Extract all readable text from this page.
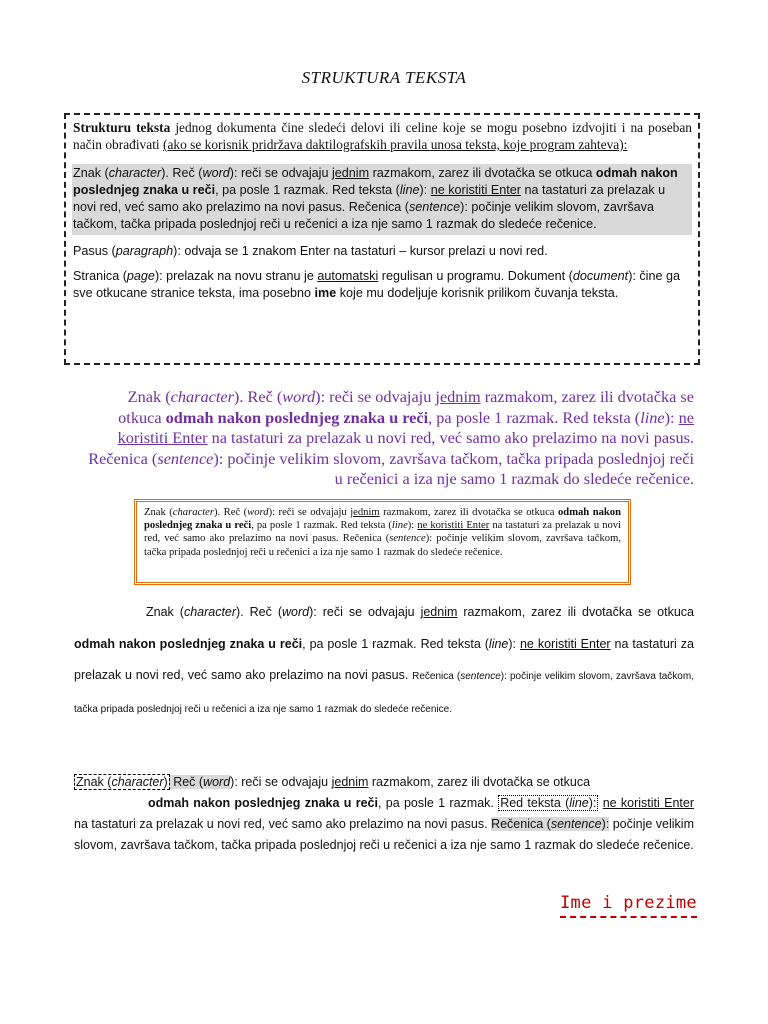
STRUKTURA TEKSTA
Strukturu teksta jednog dokumenta čine sledeći delovi ili celine koje se mogu posebno izdvojiti i na poseban način obrađivati (ako se korisnik pridržava daktilografskih pravila unosa teksta, koje program zahteva):
Znak (character). Reč (word): reči se odvajaju jednim razmakom, zarez ili dvotačka se otkuca odmah nakon poslednjeg znaka u reči, pa posle 1 razmak. Red teksta (line): ne koristiti Enter na tastaturi za prelazak u novi red, već samo ako prelazimo na novi pasus. Rečenica (sentence): počinje velikim slovom, završava tačkom, tačka pripada poslednjoj reči u rečenici a iza nje samo 1 razmak do sledeće rečenice.
Pasus (paragraph): odvaja se 1 znakom Enter na tastaturi – kursor prelazi u novi red.
Stranica (page): prelazak na novu stranu je automatski regulisan u programu. Dokument (document): čine ga sve otkucane stranice teksta, ima posebno ime koje mu dodeljuje korisnik prilikom čuvanja teksta.
Znak (character). Reč (word): reči se odvajaju jednim razmakom, zarez ili dvotačka se otkuca odmah nakon poslednjeg znaka u reči, pa posle 1 razmak. Red teksta (line): ne koristiti Enter na tastaturi za prelazak u novi red, već samo ako prelazimo na novi pasus. Rečenica (sentence): počinje velikim slovom, završava tačkom, tačka pripada poslednjoj reči u rečenici a iza nje samo 1 razmak do sledeće rečenice.
Znak (character). Reč (word): reči se odvajaju jednim razmakom, zarez ili dvotačka se otkuca odmah nakon poslednjeg znaka u reči, pa posle 1 razmak. Red teksta (line): ne koristiti Enter na tastaturi za prelazak u novi red, već samo ako prelazimo na novi pasus. Rečenica (sentence): počinje velikim slovom, završava tačkom, tačka pripada poslednjoj reči u rečenici a iza nje samo 1 razmak do sledeće rečenice.
Znak (character). Reč (word): reči se odvajaju jednim razmakom, zarez ili dvotačka se otkuca odmah nakon poslednjeg znaka u reči, pa posle 1 razmak. Red teksta (line): ne koristiti Enter na tastaturi za prelazak u novi red, već samo ako prelazimo na novi pasus. Rečenica (sentence): počinje velikim slovom, završava tačkom, tačka pripada poslednjoj reči u rečenici a iza nje samo 1 razmak do sledeće rečenice.
Znak (character) Reč (word): reči se odvajaju jednim razmakom, zarez ili dvotačka se otkuca
odmah nakon poslednjeg znaka u reči, pa posle 1 razmak. Red teksta (line): ne koristiti Enter na tastaturi za prelazak u novi red, već samo ako prelazimo na novi pasus. Rečenica (sentence): počinje velikim slovom, završava tačkom, tačka pripada poslednjoj reči u rečenici a iza nje samo 1 razmak do sledeće rečenice.
Ime i prezime
